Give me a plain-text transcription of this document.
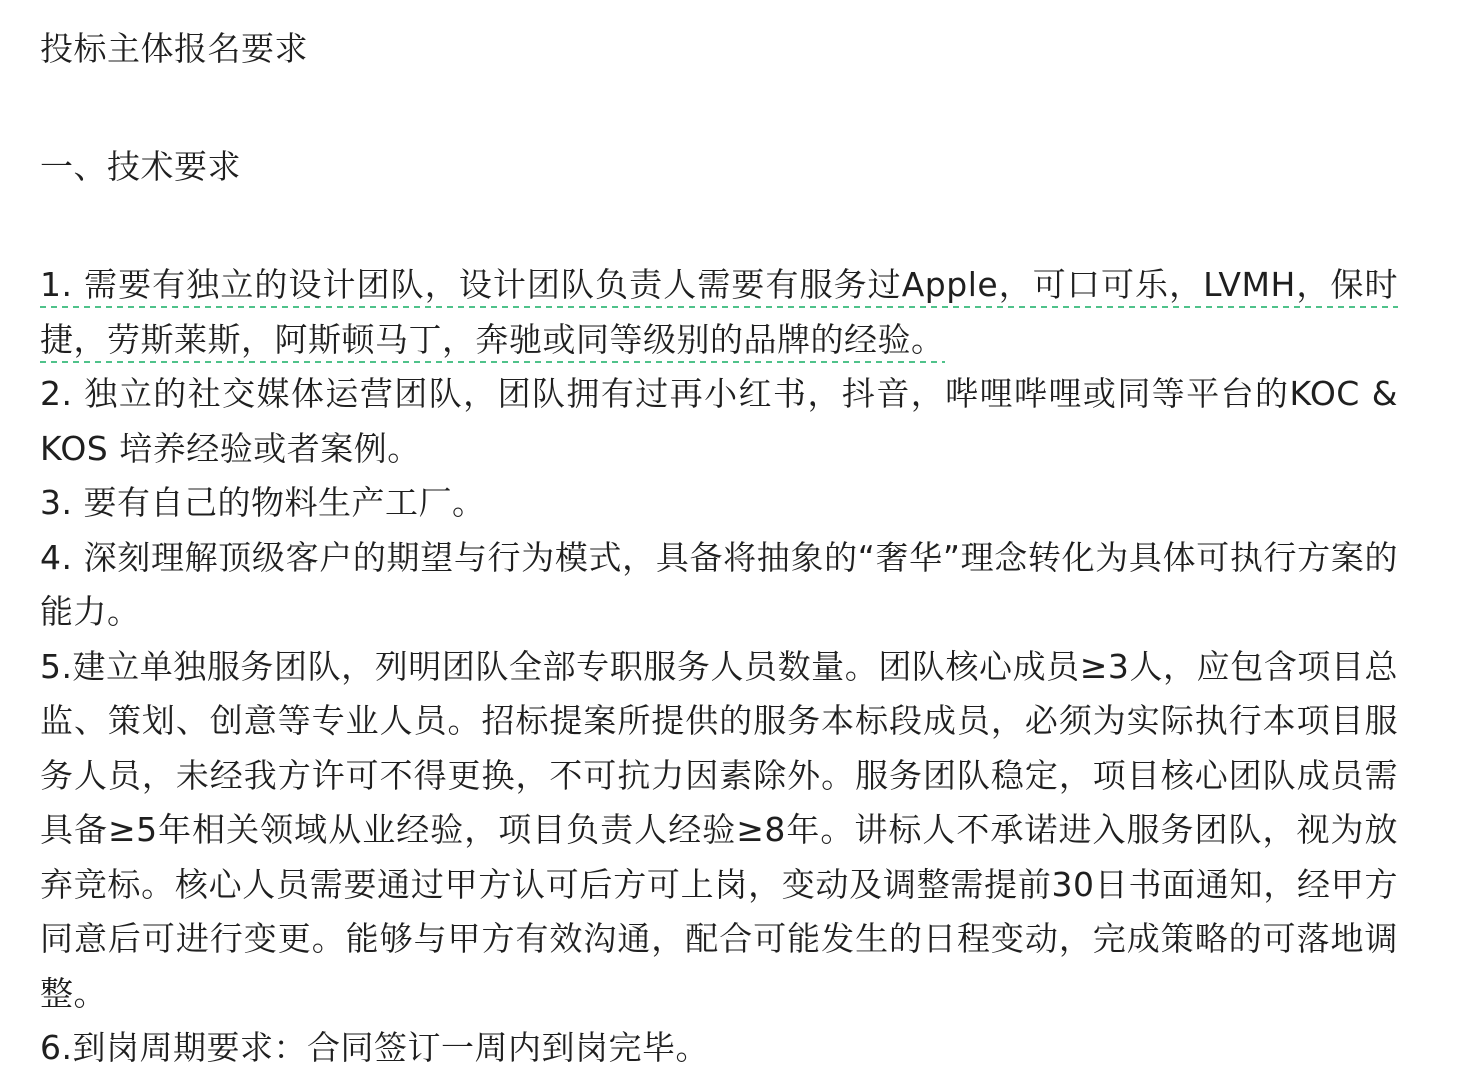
投标主体报名要求

一、技术要求

1. 需要有独立的设计团队，设计团队负责人需要有服务过Apple，可口可乐，LVMH，保时捷，劳斯莱斯，阿斯顿马丁，奔驰或同等级别的品牌的经验。
2. 独立的社交媒体运营团队，团队拥有过再小红书，抖音，哔哩哔哩或同等平台的KOC & KOS 培养经验或者案例。
3. 要有自己的物料生产工厂。
4. 深刻理解顶级客户的期望与行为模式，具备将抽象的“奢华”理念转化为具体可执行方案的能力。
5.建立单独服务团队，列明团队全部专职服务人员数量。团队核心成员≥3人，应包含项目总监、策划、创意等专业人员。招标提案所提供的服务本标段成员，必须为实际执行本项目服务人员，未经我方许可不得更换，不可抗力因素除外。服务团队稳定，项目核心团队成员需具备≥5年相关领域从业经验，项目负责人经验≥8年。讲标人不承诺进入服务团队，视为放弃竞标。核心人员需要通过甲方认可后方可上岗，变动及调整需提前30日书面通知，经甲方同意后可进行变更。能够与甲方有效沟通，配合可能发生的日程变动，完成策略的可落地调整。
6.到岗周期要求：合同签订一周内到岗完毕。
